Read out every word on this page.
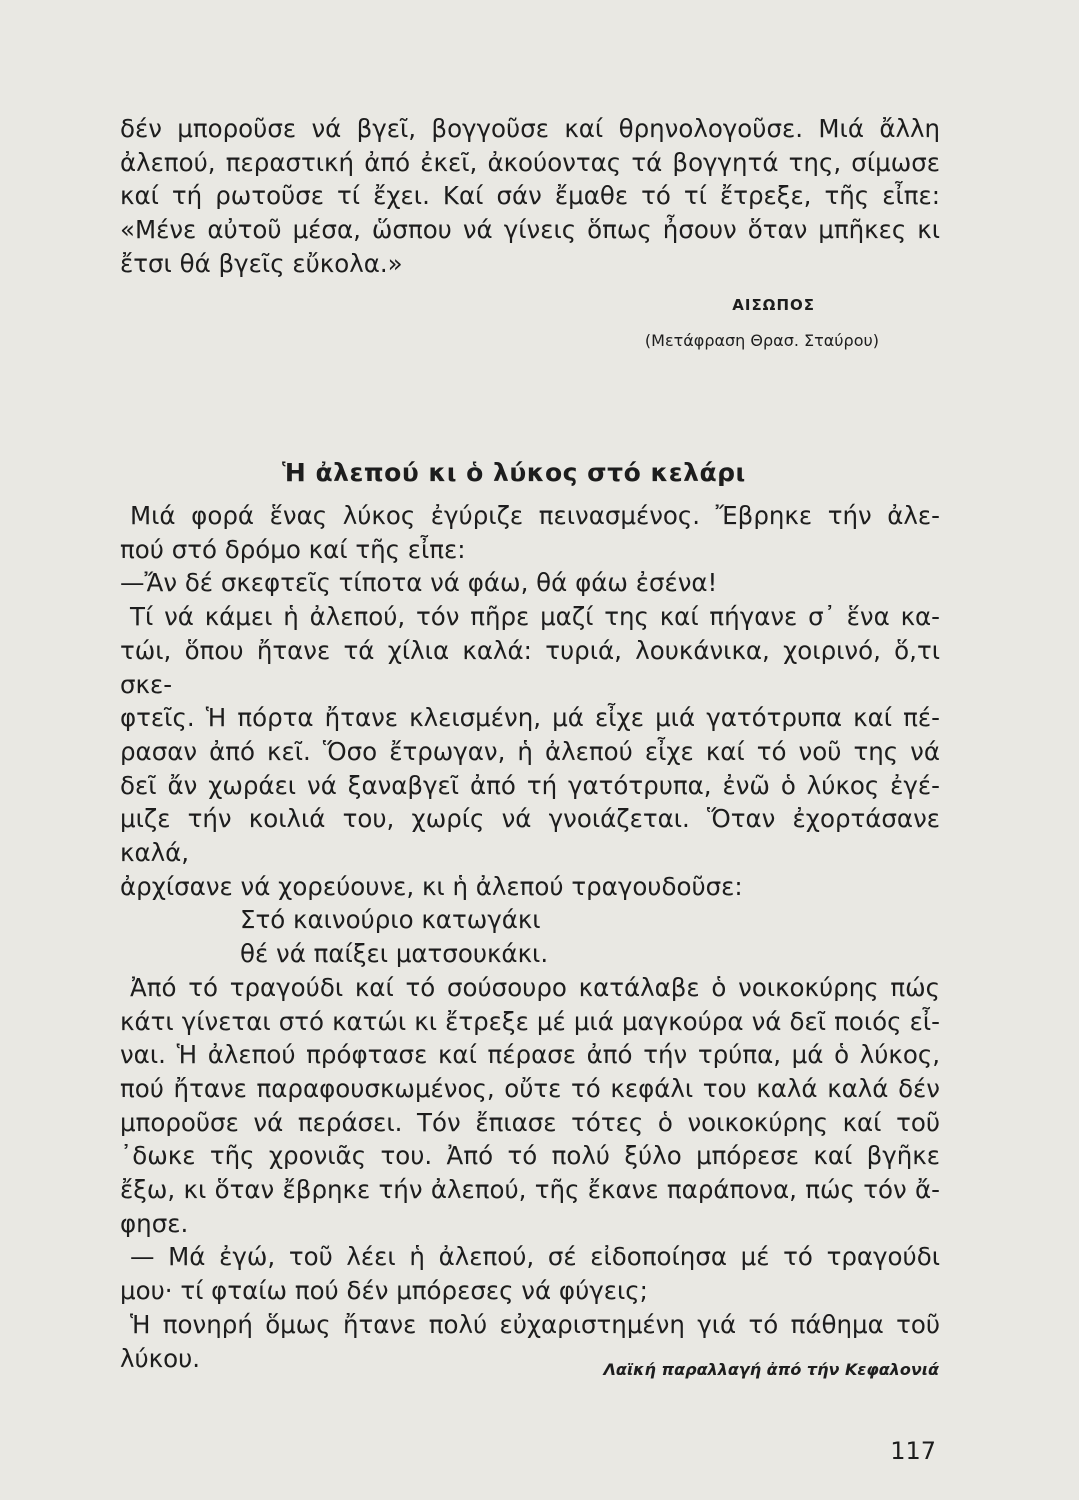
δέν μποροῦσε νά βγεῖ, βογγοῦσε καί θρηνολογοῦσε. Μιά ἄλλη
ἀλεπού, περαστική ἀπό ἐκεῖ, ἀκούοντας τά βογγητά της, σίμωσε
καί τή ρωτοῦσε τί ἔχει. Καί σάν ἔμαθε τό τί ἔτρεξε, τῆς εἶπε:
«Μένε αὐτοῦ μέσα, ὥσπου νά γίνεις ὅπως ἦσουν ὅταν μπῆκες κι
ἔτσι θά βγεῖς εὔκολα.»
ΑΙΣΩΠΟΣ
(Μετάφραση Θρασ. Σταύρου)
Ἡ ἀλεπού κι ὁ λύκος στό κελάρι
Μιά φορά ἕνας λύκος ἐγύριζε πεινασμένος. Ἔβρηκε τήν ἀλε-
πού στό δρόμο καί τῆς εἶπε:
—Ἄν δέ σκεφτεῖς τίποτα νά φάω, θά φάω ἐσένα!
Τί νά κάμει ἡ ἀλεπού, τόν πῆρε μαζί της καί πήγανε σ᾽ ἕνα κα-
τώι, ὅπου ἤτανε τά χίλια καλά: τυριά, λουκάνικα, χοιρινό, ὅ,τι σκε-
φτεῖς. Ἡ πόρτα ἤτανε κλεισμένη, μά εἶχε μιά γατότρυπα καί πέ-
ρασαν ἀπό κεῖ. Ὅσο ἔτρωγαν, ἡ ἀλεπού εἶχε καί τό νοῦ της νά
δεῖ ἄν χωράει νά ξαναβγεῖ ἀπό τή γατότρυπα, ἐνῶ ὁ λύκος ἐγέ-
μιζε τήν κοιλιά του, χωρίς νά γνοιάζεται. Ὅταν ἐχορτάσανε καλά,
ἀρχίσανε νά χορεύουνε, κι ἡ ἀλεπού τραγουδοῦσε:
Στό καινούριο κατωγάκι
θέ νά παίξει ματσουκάκι.
Ἀπό τό τραγούδι καί τό σούσουρο κατάλαβε ὁ νοικοκύρης πώς
κάτι γίνεται στό κατώι κι ἔτρεξε μέ μιά μαγκούρα νά δεῖ ποιός εἶ-
ναι. Ἡ ἀλεπού πρόφτασε καί πέρασε ἀπό τήν τρύπα, μά ὁ λύκος,
πού ἤτανε παραφουσκωμένος, οὔτε τό κεφάλι του καλά καλά δέν
μποροῦσε νά περάσει. Τόν ἔπιασε τότες ὁ νοικοκύρης καί τοῦ
᾽δωκε τῆς χρονιᾶς του. Ἀπό τό πολύ ξύλο μπόρεσε καί βγῆκε
ἔξω, κι ὅταν ἔβρηκε τήν ἀλεπού, τῆς ἔκανε παράπονα, πώς τόν ἄ-
φησε.
— Μά ἐγώ, τοῦ λέει ἡ ἀλεπού, σέ εἰδοποίησα μέ τό τραγούδι
μου· τί φταίω πού δέν μπόρεσες νά φύγεις;
Ἡ πονηρή ὅμως ἤτανε πολύ εὐχαριστημένη γιά τό πάθημα τοῦ
λύκου.	Λαϊκή παραλλαγή ἀπό τήν Κεφαλονιά
117
